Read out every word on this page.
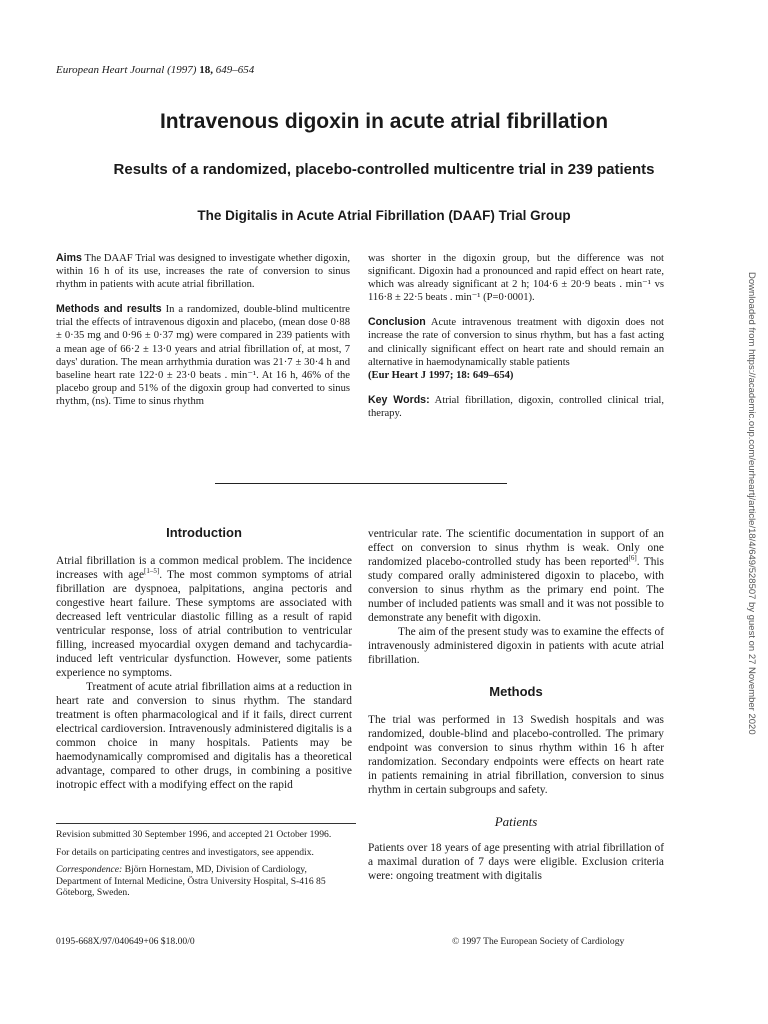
European Heart Journal (1997) 18, 649–654
Intravenous digoxin in acute atrial fibrillation
Results of a randomized, placebo-controlled multicentre trial in 239 patients
The Digitalis in Acute Atrial Fibrillation (DAAF) Trial Group

Aims The DAAF Trial was designed to investigate whether digoxin, within 16 h of its use, increases the rate of conversion to sinus rhythm in patients with acute atrial fibrillation.

Methods and results In a randomized, double-blind multicentre trial the effects of intravenous digoxin and placebo, (mean dose 0·88 ± 0·35 mg and 0·96 ± 0·37 mg) were compared in 239 patients with a mean age of 66·2 ± 13·0 years and atrial fibrillation of, at most, 7 days' duration. The mean arrhythmia duration was 21·7 ± 30·4 h and baseline heart rate 122·0 ± 23·0 beats . min⁻¹. At 16 h, 46% of the placebo group and 51% of the digoxin group had converted to sinus rhythm, (ns). Time to sinus rhythm

was shorter in the digoxin group, but the difference was not significant. Digoxin had a pronounced and rapid effect on heart rate, which was already significant at 2 h; 104·6 ± 20·9 beats . min⁻¹ vs 116·8 ± 22·5 beats . min⁻¹ (P=0·0001).

Conclusion Acute intravenous treatment with digoxin does not increase the rate of conversion to sinus rhythm, but has a fast acting and clinically significant effect on heart rate and should remain an alternative in haemodynamically stable patients
(Eur Heart J 1997; 18: 649–654)

Key Words: Atrial fibrillation, digoxin, controlled clinical trial, therapy.

Introduction

Atrial fibrillation is a common medical problem. The incidence increases with age[1–5]. The most common symptoms of atrial fibrillation are dyspnoea, palpitations, angina pectoris and congestive heart failure. These symptoms are associated with decreased left ventricular diastolic filling as a result of rapid ventricular response, loss of atrial contribution to ventricular filling, increased myocardial oxygen demand and tachycardia-induced left ventricular dysfunction. However, some patients experience no symptoms.

Treatment of acute atrial fibrillation aims at a reduction in heart rate and conversion to sinus rhythm. The standard treatment is often pharmacological and if it fails, direct current electrical cardioversion. Intravenously administered digitalis is a common choice in many hospitals. Patients may be haemodynamically compromised and digitalis has a theoretical advantage, compared to other drugs, in combining a positive inotropic effect with a modifying effect on the rapid

ventricular rate. The scientific documentation in support of an effect on conversion to sinus rhythm is weak. Only one randomized placebo-controlled study has been reported[6]. This study compared orally administered digoxin to placebo, with conversion to sinus rhythm as the primary end point. The number of included patients was small and it was not possible to demonstrate any benefit with digoxin.

The aim of the present study was to examine the effects of intravenously administered digoxin in patients with acute atrial fibrillation.

Methods

The trial was performed in 13 Swedish hospitals and was randomized, double-blind and placebo-controlled. The primary endpoint was conversion to sinus rhythm within 16 h after randomization. Secondary endpoints were effects on heart rate in patients remaining in atrial fibrillation, conversion to sinus rhythm in certain subgroups and safety.

Patients

Patients over 18 years of age presenting with atrial fibrillation of a maximal duration of 7 days were eligible. Exclusion criteria were: ongoing treatment with digitalis

Revision submitted 30 September 1996, and accepted 21 October 1996.

For details on participating centres and investigators, see appendix.

Correspondence: Björn Hornestam, MD, Division of Cardiology, Department of Internal Medicine, Östra University Hospital, S-416 85 Göteborg, Sweden.

0195-668X/97/040649+06 $18.00/0	© 1997 The European Society of Cardiology
Downloaded from https://academic.oup.com/eurheartj/article/18/4/649/528507 by guest on 27 November 2020
